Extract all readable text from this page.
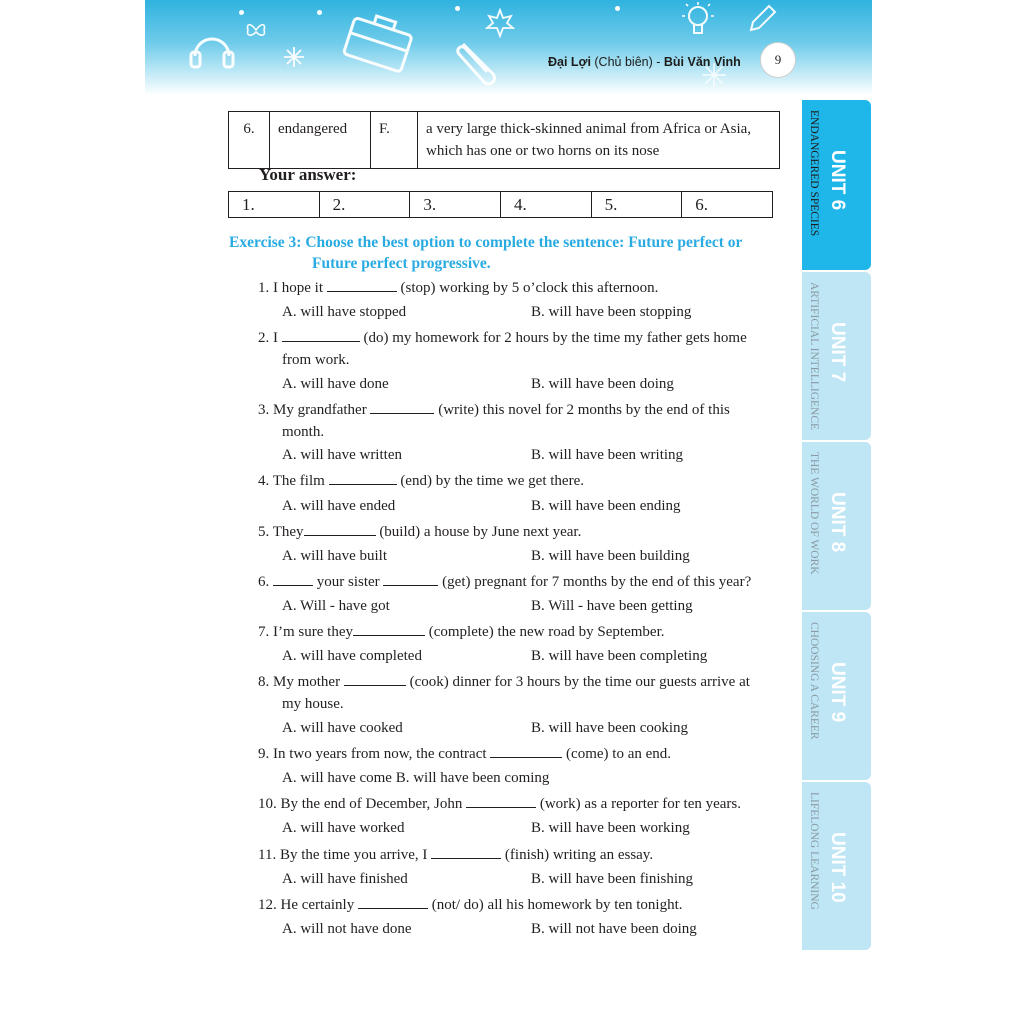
Đại Lợi (Chủ biên) - Bùi Văn Vinh	9
6.	endangered	F.	a very large thick-skinned animal from Africa or Asia,
which has one or two horns on its nose
Your answer:
1.	2.	3.	4.	5.	6.
Exercise 3: Choose the best option to complete the sentence: Future perfect or
Future perfect progressive.
1. I hope it	(stop) working by 5 o’clock this afternoon.
A. will have stopped	B. will have been stopping
2. I	(do) my homework for 2 hours by the time my father gets home
from work.
A. will have done	B. will have been doing
3. My grandfather	(write) this novel for 2 months by the end of this
month.
A. will have written	B. will have been writing
4. The film	(end) by the time we get there.
A. will have ended	B. will have been ending
5. They	(build) a house by June next year.
A. will have built	B. will have been building
6.	your sister	(get) pregnant for 7 months by the end of this year?
A. Will - have got	B. Will - have been getting
7. I’m sure they	(complete) the new road by September.
A. will have completed	B. will have been completing
8. My mother	(cook) dinner for 3 hours by the time our guests arrive at
my house.
A. will have cooked	B. will have been cooking
9. In two years from now, the contract	(come) to an end.
A. will have come B. will have been coming
10. By the end of December, John	(work) as a reporter for ten years.
A. will have worked	B. will have been working
11. By the time you arrive, I	(finish) writing an essay.
A. will have finished	B. will have been finishing
12. He certainly	(not/ do) all his homework by ten tonight.
A. will not have done	B. will not have been doing
ENDANGERED SPECIES UNIT 6
ARTIFICIAL INTELLIGENCE UNIT 7
THE WORLD OF WORK UNIT 8
CHOOSING A CAREER UNIT 9
LIFELONG LEARNING UNIT 10
